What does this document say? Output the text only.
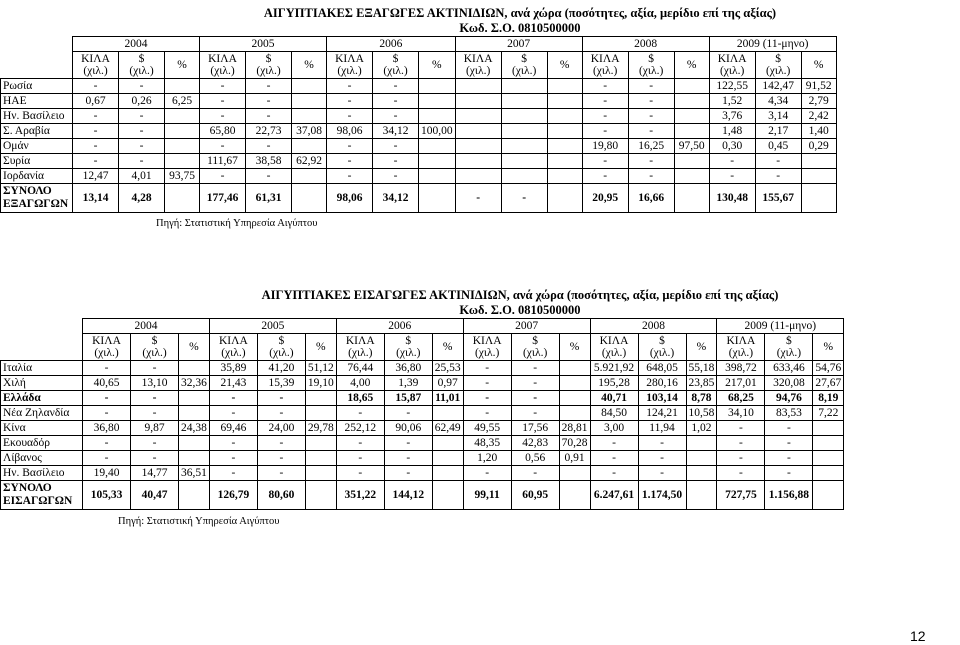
ΑΙΓΥΠΤΙΑΚΕΣ ΕΞΑΓΩΓΕΣ ΑΚΤΙΝΙΔΙΩΝ, ανά χώρα (ποσότητες, αξία, μερίδιο επί της αξίας)
Κωδ. Σ.Ο. 0810500000
	2004			2005			2006			2007			2008			2009 (11-μηνο)		

	ΚΙΛΑ
(χιλ.)	$
(χιλ.)	%	ΚΙΛΑ
(χιλ.)	$
(χιλ.)	%	ΚΙΛΑ
(χιλ.)	$
(χιλ.)	%	ΚΙΛΑ
(χιλ.)	$
(χιλ.)	%	ΚΙΛΑ
(χιλ.)	$
(χιλ.)	%	ΚΙΛΑ
(χιλ.)	$
(χιλ.)	%
Ρωσία	-	-		-	-		-	-					-	-		122,55	142,47	91,52
ΗΑΕ	0,67	0,26	6,25	-	-		-	-					-	-		1,52	4,34	2,79
Ην. Βασίλειο	-	-		-	-		-	-					-	-		3,76	3,14	2,42
Σ. Αραβία	-	-		65,80	22,73	37,08	98,06	34,12	100,00				-	-		1,48	2,17	1,40
Ομάν	-	-		-	-		-	-					19,80	16,25	97,50	0,30	0,45	0,29
Συρία	-	-		111,67	38,58	62,92	-	-					-	-		-	-	
Ιορδανία	12,47	4,01	93,75	-	-		-	-					-	-		-	-	

ΣΥΝΟΛΟ
ΕΞΑΓΩΓΩΝ	13,14	4,28		177,46	61,31		98,06	34,12		-	-		20,95	16,66		130,48	155,67	
Πηγή: Στατιστική Υπηρεσία Αιγύπτου
ΑΙΓΥΠΤΙΑΚΕΣ ΕΙΣΑΓΩΓΕΣ ΑΚΤΙΝΙΔΙΩΝ, ανά χώρα (ποσότητες, αξία, μερίδιο επί της αξίας)
Κωδ. Σ.Ο. 0810500000
	2004			2005			2006			2007			2008			2009 (11-μηνο)		

	ΚΙΛΑ
(χιλ.)	$
(χιλ.)	%	ΚΙΛΑ
(χιλ.)	$
(χιλ.)	%	ΚΙΛΑ
(χιλ.)	$
(χιλ.)	%	ΚΙΛΑ
(χιλ.)	$
(χιλ.)	%	ΚΙΛΑ
(χιλ.)	$
(χιλ.)	%	ΚΙΛΑ
(χιλ.)	$
(χιλ.)	%
Ιταλία	-	-		35,89	41,20	51,12	76,44	36,80	25,53	-	-		5.921,92	648,05	55,18	398,72	633,46	54,76
Χιλή	40,65	13,10	32,36	21,43	15,39	19,10	4,00	1,39	0,97	-	-		195,28	280,16	23,85	217,01	320,08	27,67
Ελλάδα	-	-		-	-		18,65	15,87	11,01	-	-		40,71	103,14	8,78	68,25	94,76	8,19
Νέα Ζηλανδία	-	-		-	-		-	-		-	-		84,50	124,21	10,58	34,10	83,53	7,22
Κίνα	36,80	9,87	24,38	69,46	24,00	29,78	252,12	90,06	62,49	49,55	17,56	28,81	3,00	11,94	1,02	-	-	
Εκουαδόρ	-	-		-	-		-	-		48,35	42,83	70,28	-	-		-	-	
Λίβανος	-	-		-	-		-	-		1,20	0,56	0,91	-	-		-	-	
Ην. Βασίλειο	19,40	14,77	36,51	-	-		-	-		-	-		-	-		-	-	

ΣΥΝΟΛΟ
ΕΙΣΑΓΩΓΩΝ	105,33	40,47		126,79	80,60		351,22	144,12		99,11	60,95		6.247,61	1.174,50		727,75	1.156,88	
Πηγή: Στατιστική Υπηρεσία Αιγύπτου
12
